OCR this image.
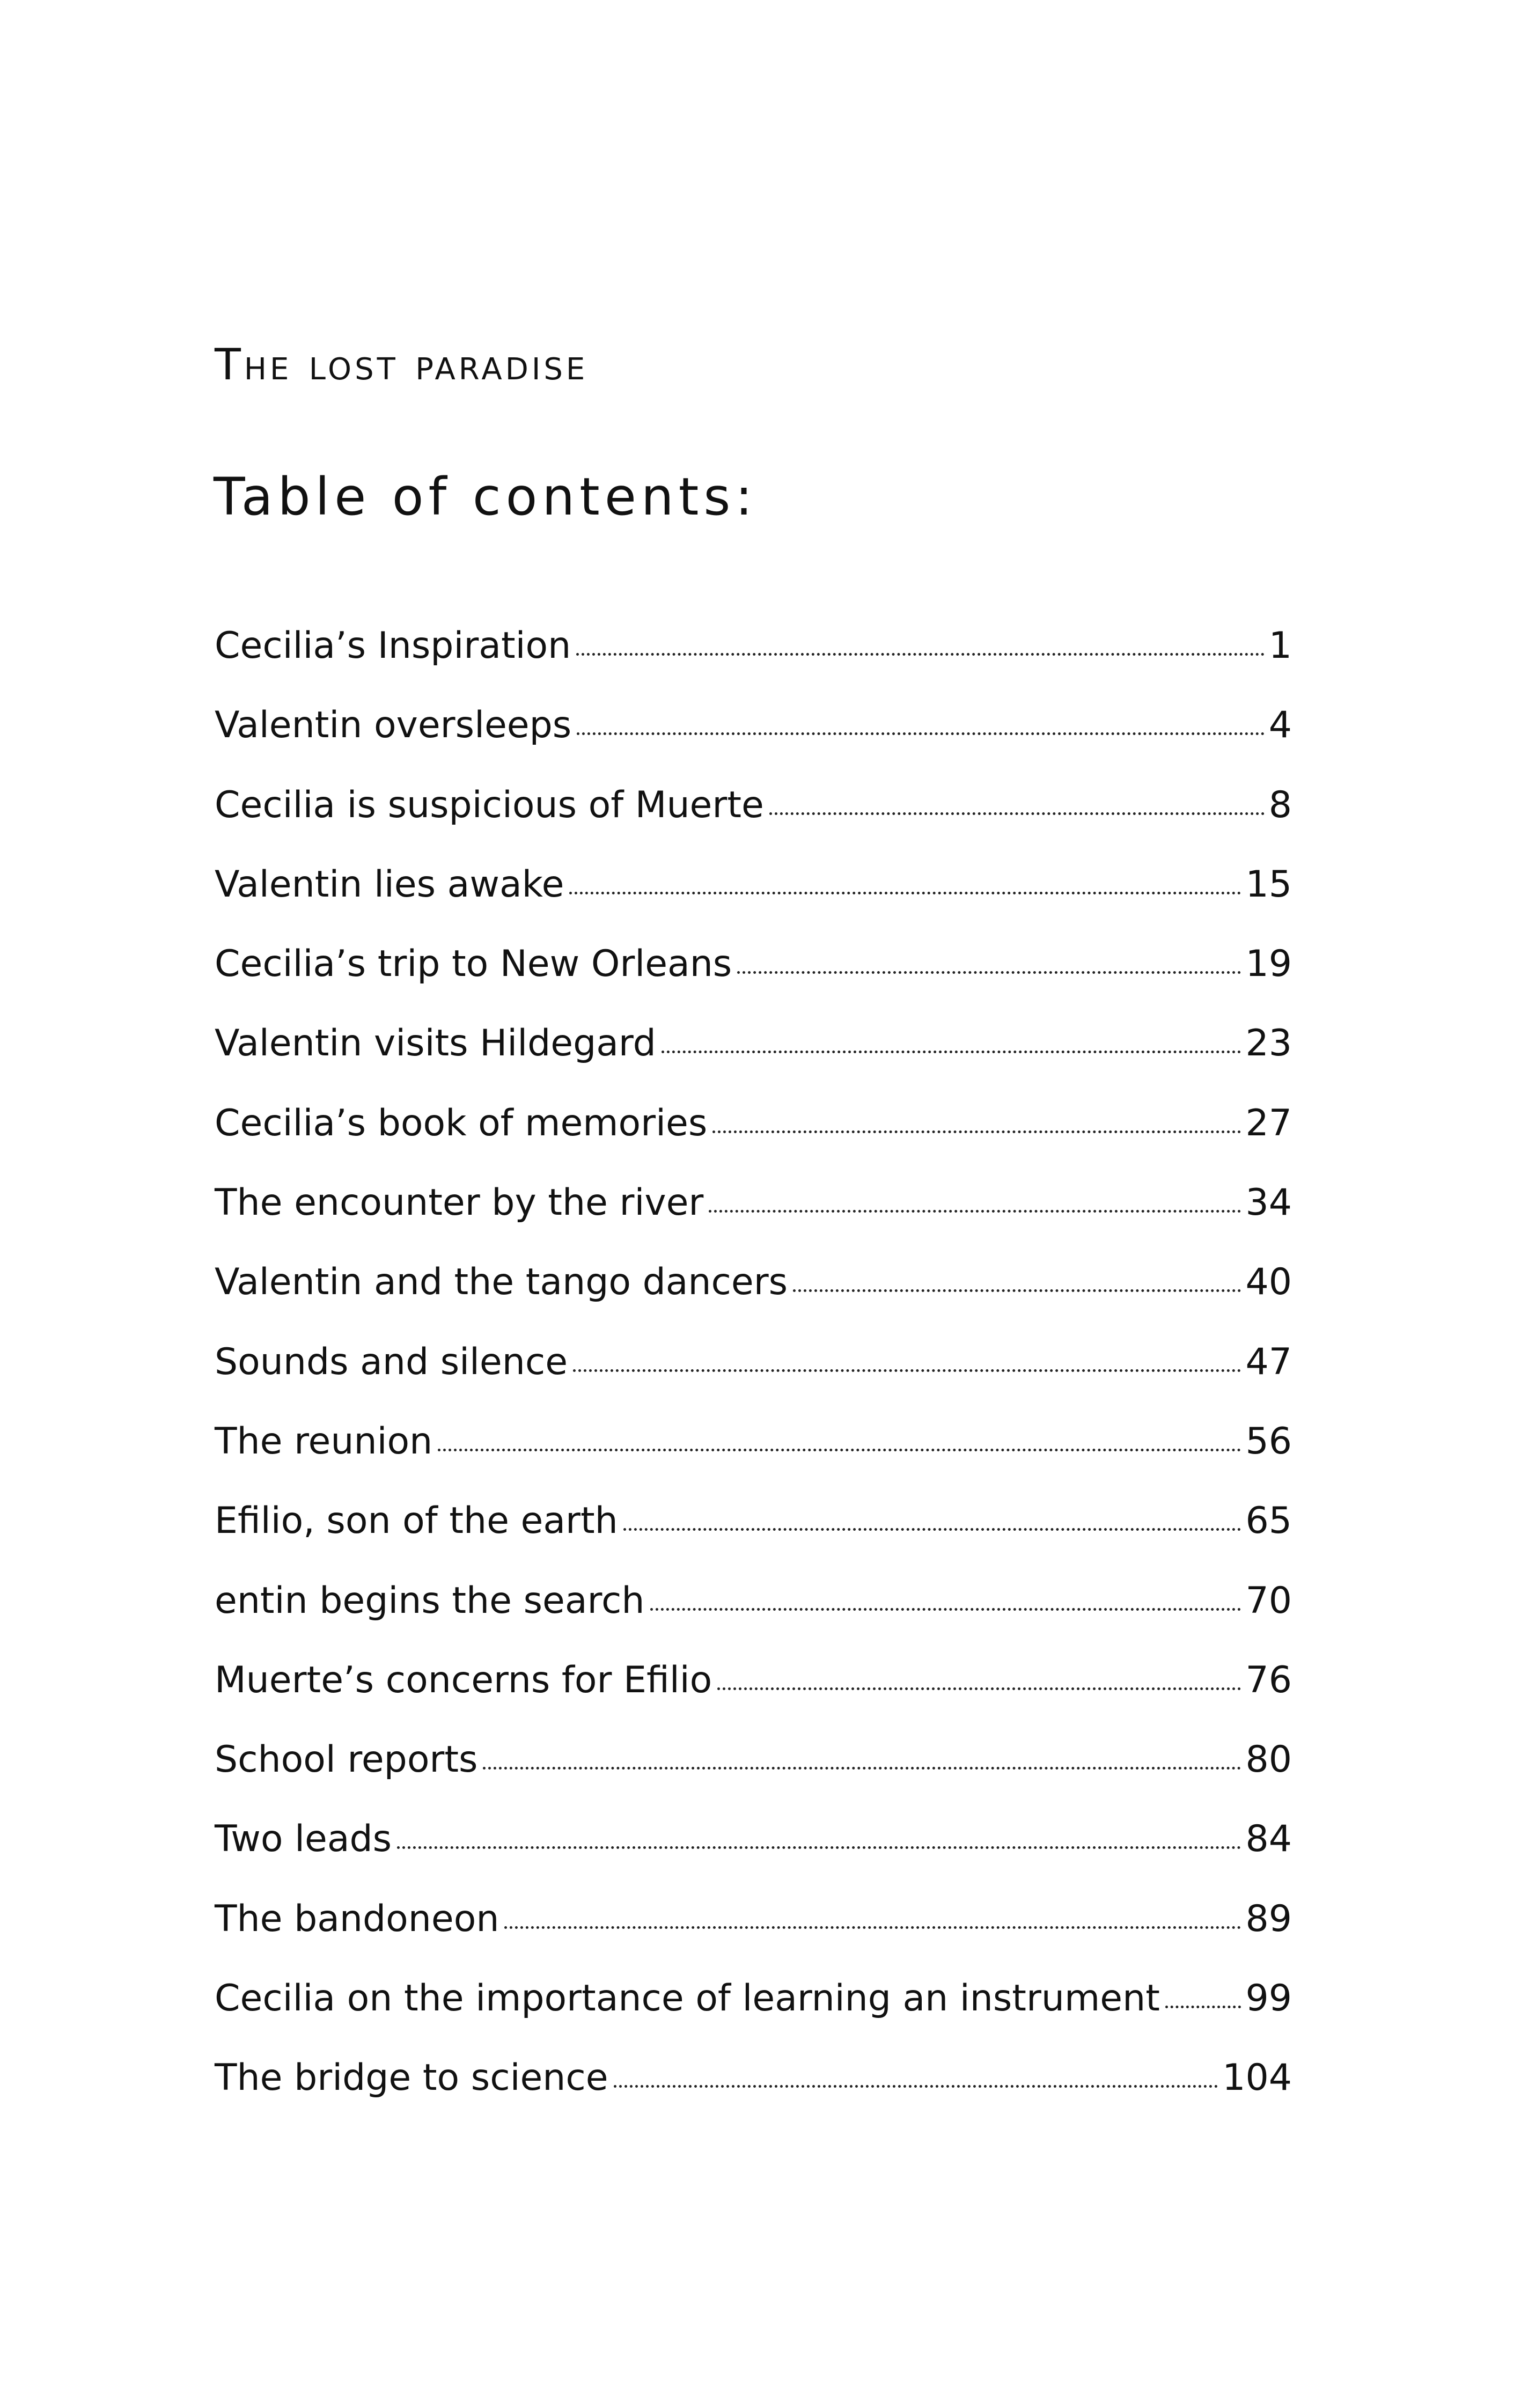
The lost paradise
Table of contents:
Cecilia’s Inspiration	1
Valentin oversleeps	4
Cecilia is suspicious of Muerte	8
Valentin lies awake	15
Cecilia’s trip to New Orleans	19
Valentin visits Hildegard	23
Cecilia’s book of memories	27
The encounter by the river	34
Valentin and the tango dancers	40
Sounds and silence	47
The reunion	56
Efilio, son of the earth	65
entin begins the search	70
Muerte’s concerns for Efilio	76
School reports	80
Two leads	84
The bandoneon	89
Cecilia on the importance of learning an instrument 99
The bridge to science	104
